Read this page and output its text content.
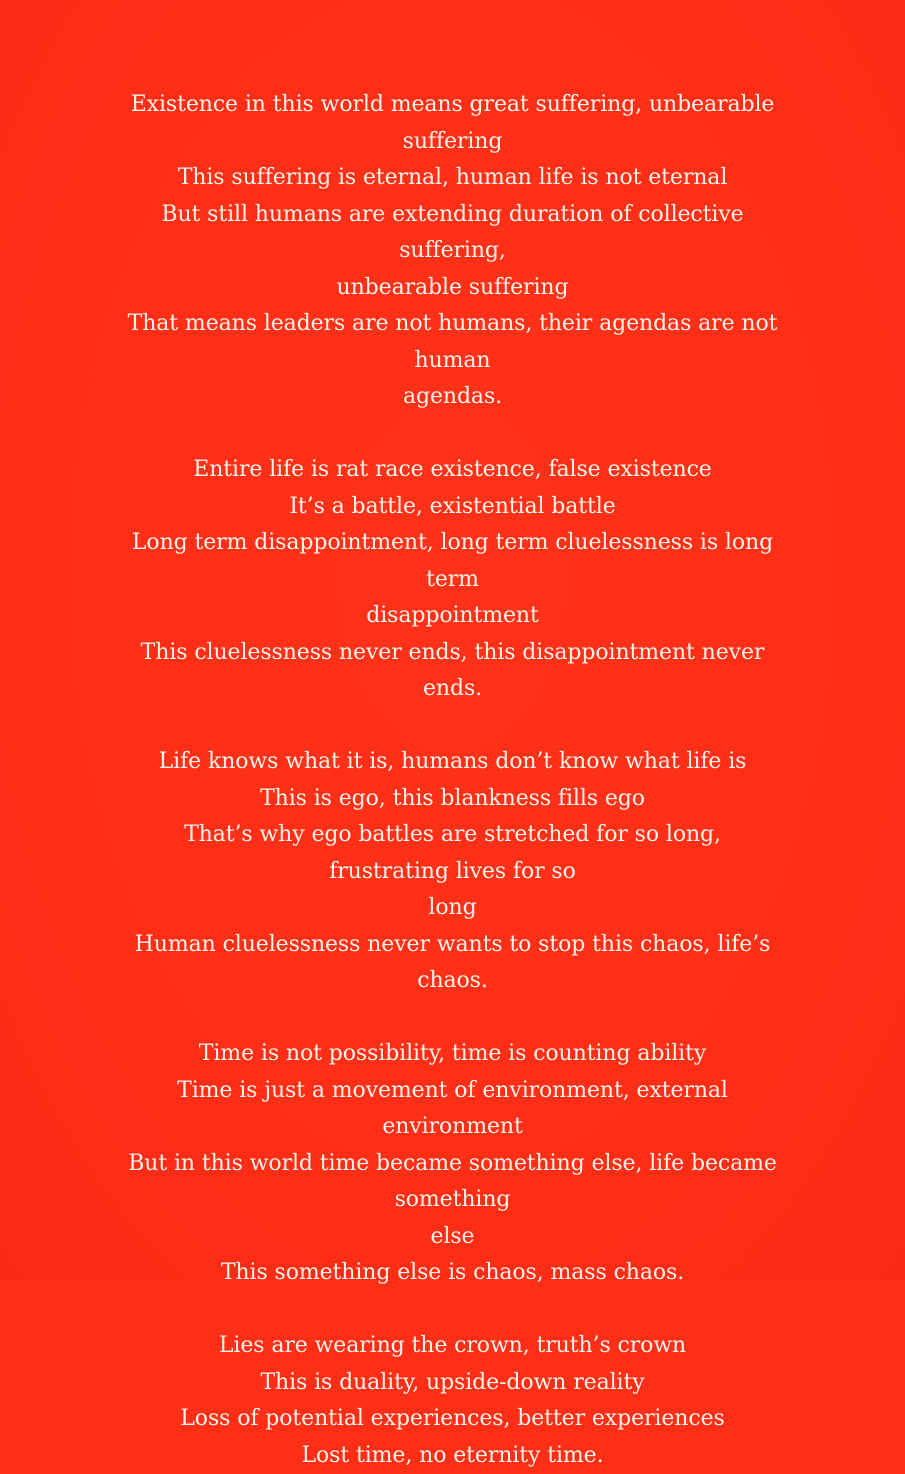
Existence in this world means great suffering, unbearable suffering
This suffering is eternal, human life is not eternal
But still humans are extending duration of collective suffering,
unbearable suffering
That means leaders are not humans, their agendas are not human
agendas.
Entire life is rat race existence, false existence
It’s a battle, existential battle
Long term disappointment, long term cluelessness is long term
disappointment
This cluelessness never ends, this disappointment never ends.
Life knows what it is, humans don’t know what life is
This is ego, this blankness fills ego
That’s why ego battles are stretched for so long, frustrating lives for so
long
Human cluelessness never wants to stop this chaos, life’s chaos.
Time is not possibility, time is counting ability
Time is just a movement of environment, external environment
But in this world time became something else, life became something
else
This something else is chaos, mass chaos.
Lies are wearing the crown, truth’s crown
This is duality, upside-down reality
Loss of potential experiences, better experiences
Lost time, no eternity time.
